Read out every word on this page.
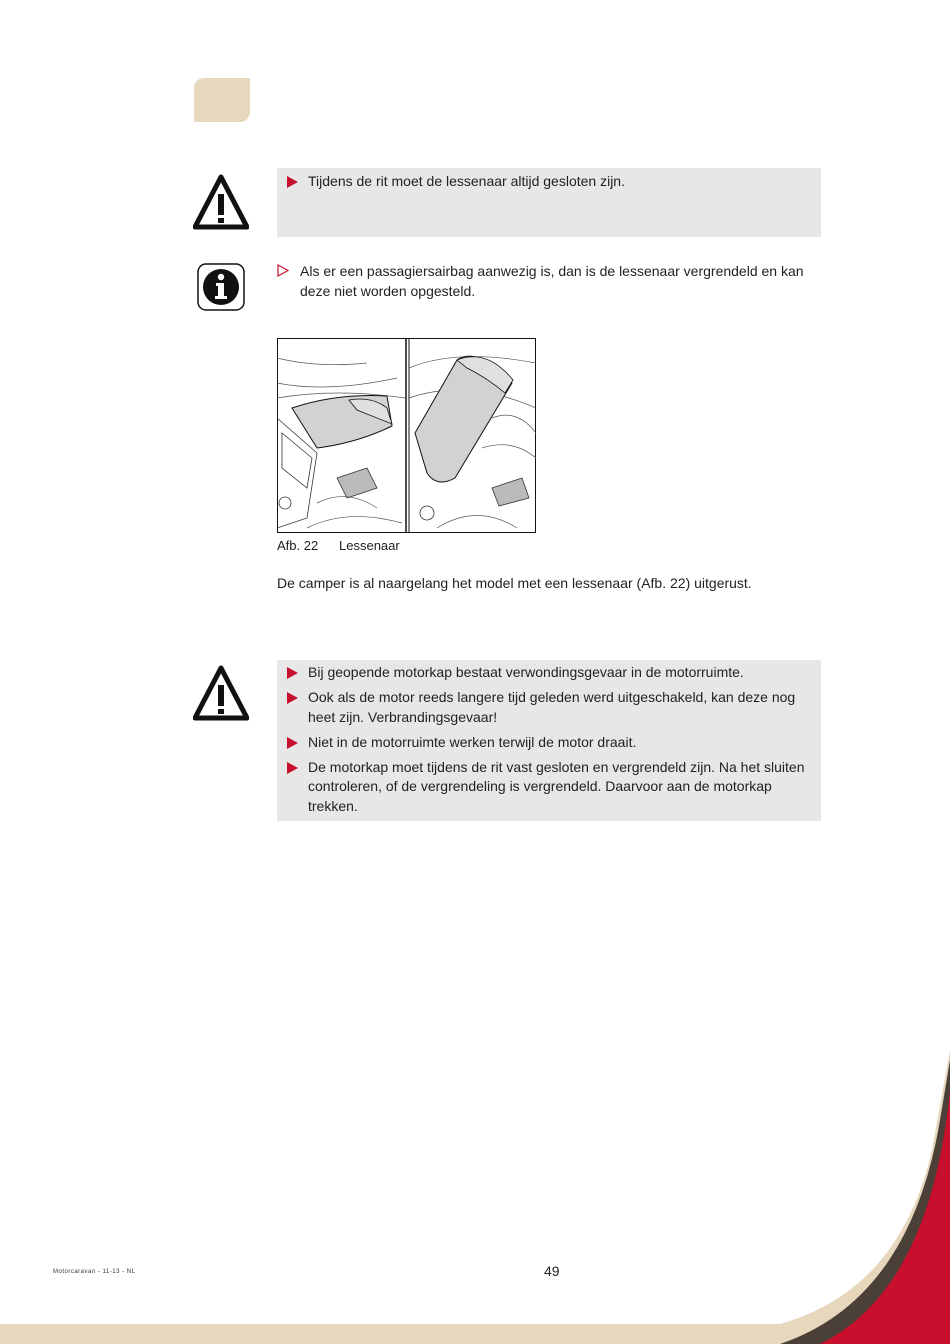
Tijdens de rit moet de lessenaar altijd gesloten zijn.
Als er een passagiersairbag aanwezig is, dan is de lessenaar vergrendeld en kan deze niet worden opgesteld.
Afb. 22 Lessenaar
De camper is al naargelang het model met een lessenaar (Afb. 22) uitgerust.
Bij geopende motorkap bestaat verwondingsgevaar in de motorruimte.
Ook als de motor reeds langere tijd geleden werd uitgeschakeld, kan deze nog heet zijn. Verbrandingsgevaar!
Niet in de motorruimte werken terwijl de motor draait.
De motorkap moet tijdens de rit vast gesloten en vergrendeld zijn. Na het sluiten controleren, of de vergrendeling is vergrendeld. Daarvoor aan de motorkap trekken.
Motorcaravan - 11-13 - NL	49
